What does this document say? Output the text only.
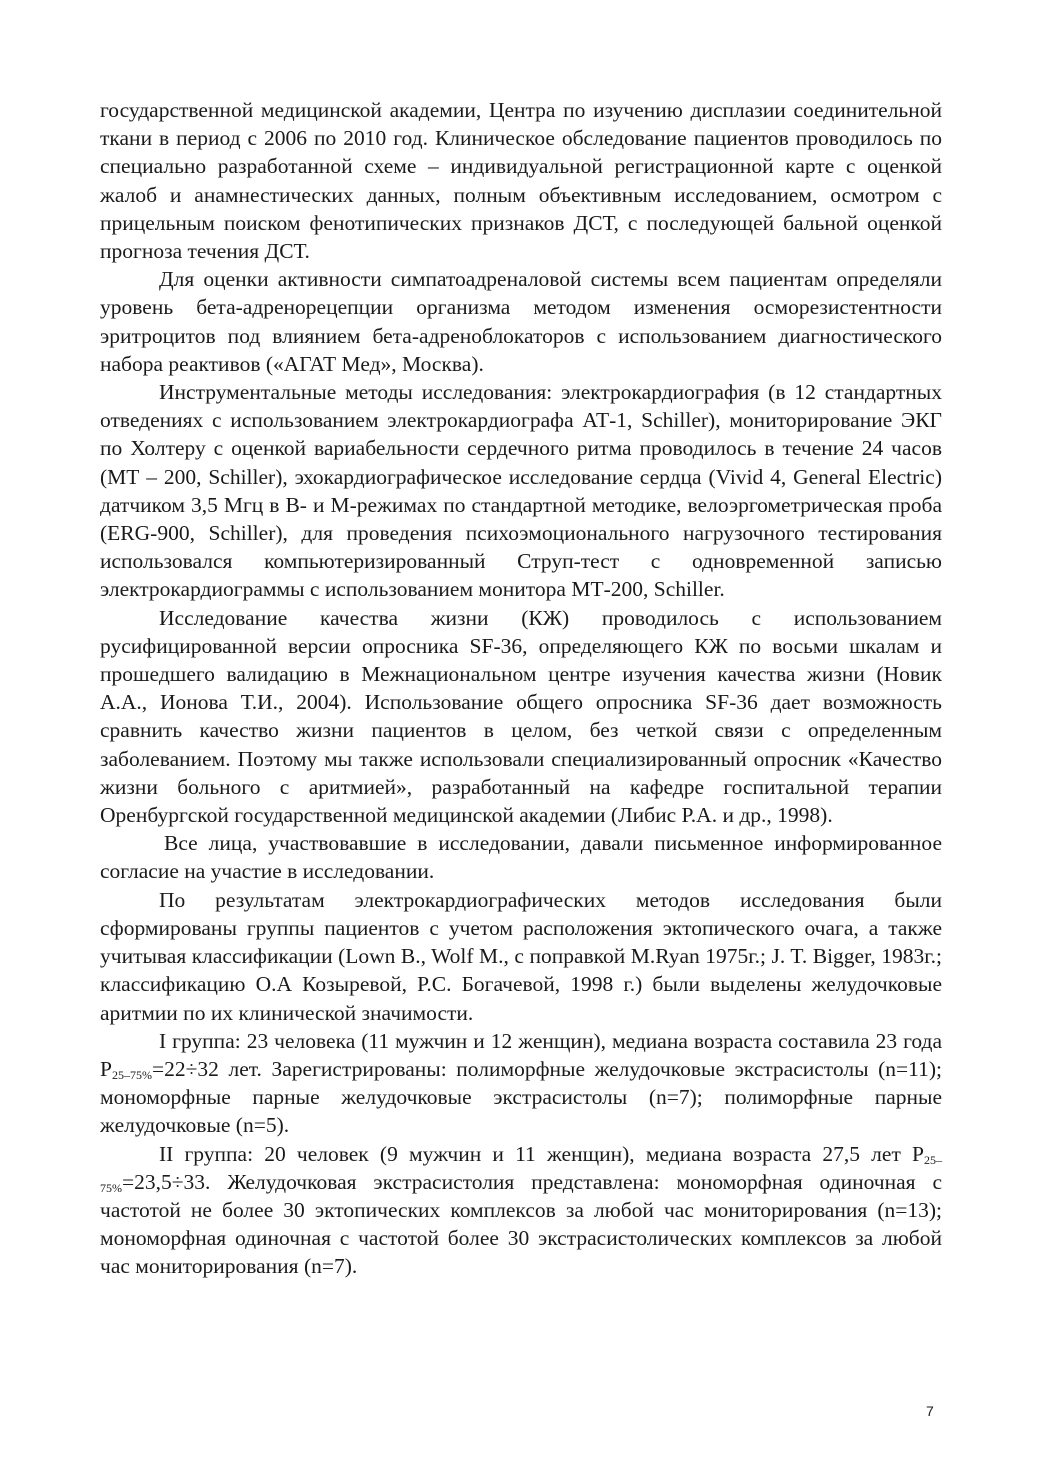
государственной медицинской академии, Центра по изучению дисплазии соединительной ткани в период с 2006 по 2010 год. Клиническое обследование пациентов проводилось по специально разработанной схеме – индивидуальной регистрационной карте с оценкой жалоб и анамнестических данных, полным объективным исследованием, осмотром с прицельным поиском фенотипических признаков ДСТ, с последующей бальной оценкой прогноза течения ДСТ.

Для оценки активности симпатоадреналовой системы всем пациентам определяли уровень бета-адренорецепции организма методом изменения осморезистентности эритроцитов под влиянием бета-адреноблокаторов с использованием диагностического набора реактивов («АГАТ Мед», Москва).

Инструментальные методы исследования: электрокардиография (в 12 стандартных отведениях с использованием электрокардиографа АТ-1, Schiller), мониторирование ЭКГ по Холтеру с оценкой вариабельности сердечного ритма проводилось в течение 24 часов (МТ – 200, Schiller), эхокардиографическое исследование сердца (Vivid 4, General Electric) датчиком 3,5 Мгц в В- и М-режимах по стандартной методике, велоэргометрическая проба (ERG-900, Schiller), для проведения психоэмоционального нагрузочного тестирования использовался компьютеризированный Струп-тест с одновременной записью электрокардиограммы с использованием монитора МТ-200, Schiller.

Исследование качества жизни (КЖ) проводилось с использованием русифицированной версии опросника SF-36, определяющего КЖ по восьми шкалам и прошедшего валидацию в Межнациональном центре изучения качества жизни (Новик А.А., Ионова Т.И., 2004). Использование общего опросника SF-36 дает возможность сравнить качество жизни пациентов в целом, без четкой связи с определенным заболеванием. Поэтому мы также использовали специализированный опросник «Качество жизни больного с аритмией», разработанный на кафедре госпитальной терапии Оренбургской государственной медицинской академии (Либис Р.А. и др., 1998).

Все лица, участвовавшие в исследовании, давали письменное информированное согласие на участие в исследовании.

По результатам электрокардиографических методов исследования были сформированы группы пациентов с учетом расположения эктопического очага, а также учитывая классификации (Lown B., Wolf M., с поправкой M.Ryan 1975г.; J. T. Bigger, 1983г.; классификацию О.А Козыревой, Р.С. Богачевой, 1998 г.) были выделены желудочковые аритмии по их клинической значимости.

I группа: 23 человека (11 мужчин и 12 женщин), медиана возраста составила 23 года $P_{25-75\%}=22\div 32$ лет. Зарегистрированы: полиморфные желудочковые экстрасистолы (n=11); мономорфные парные желудочковые экстрасистолы (n=7); полиморфные парные желудочковые (n=5).

II группа: 20 человек (9 мужчин и 11 женщин), медиана возраста 27,5 лет $P_{25-75\%}=23,5\div 33$. Желудочковая экстрасистолия представлена: мономорфная одиночная с частотой не более 30 эктопических комплексов за любой час мониторирования (n=13); мономорфная одиночная с частотой более 30 экстрасистолических комплексов за любой час мониторирования (n=7).

7
